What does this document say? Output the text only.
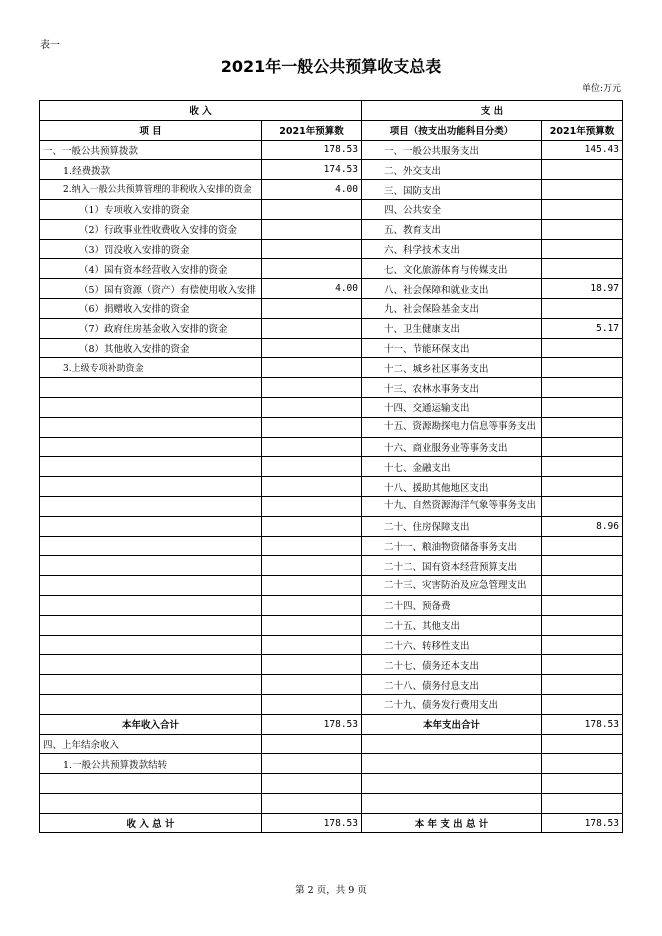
表一
2021年一般公共预算收支总表
单位:万元
收 入		支 出	
项 目	2021年预算数	项目（按支出功能科目分类）	2021年预算数
一、一般公共预算拨款	178.53	一、一般公共服务支出	145.43
1.经费拨款	174.53	二、外交支出	
2.纳入一般公共预算管理的非税收入安排的资金	4.00	三、国防支出	
（1）专项收入安排的资金		四、公共安全	
（2）行政事业性收费收入安排的资金		五、教育支出	
（3）罚没收入安排的资金		六、科学技术支出	
（4）国有资本经营收入安排的资金		七、文化旅游体育与传媒支出	
（5）国有资源（资产）有偿使用收入安排	4.00	八、社会保障和就业支出	18.97
（6）捐赠收入安排的资金		九、社会保险基金支出	
（7）政府住房基金收入安排的资金		十、卫生健康支出	5.17
（8）其他收入安排的资金		十一、节能环保支出	
3.上级专项补助资金		十二、城乡社区事务支出	
		十三、农林水事务支出	
		十四、交通运输支出	
		十五、资源勘探电力信息等事务支出	
		十六、商业服务业等事务支出	
		十七、金融支出	
		十八、援助其他地区支出	
		十九、自然资源海洋气象等事务支出	
		二十、住房保障支出	8.96
		二十一、粮油物资储备事务支出	
		二十二、国有资本经营预算支出	
		二十三、灾害防治及应急管理支出	
		二十四、预备费	
		二十五、其他支出	
		二十六、转移性支出	
		二十七、债务还本支出	
		二十八、债务付息支出	
		二十九、债务发行费用支出	
本年收入合计	178.53	本年支出合计	178.53
四、上年结余收入			
1.一般公共预算拨款结转			

收 入 总 计	178.53	本 年 支 出 总 计	178.53
第 2 页，共 9 页
